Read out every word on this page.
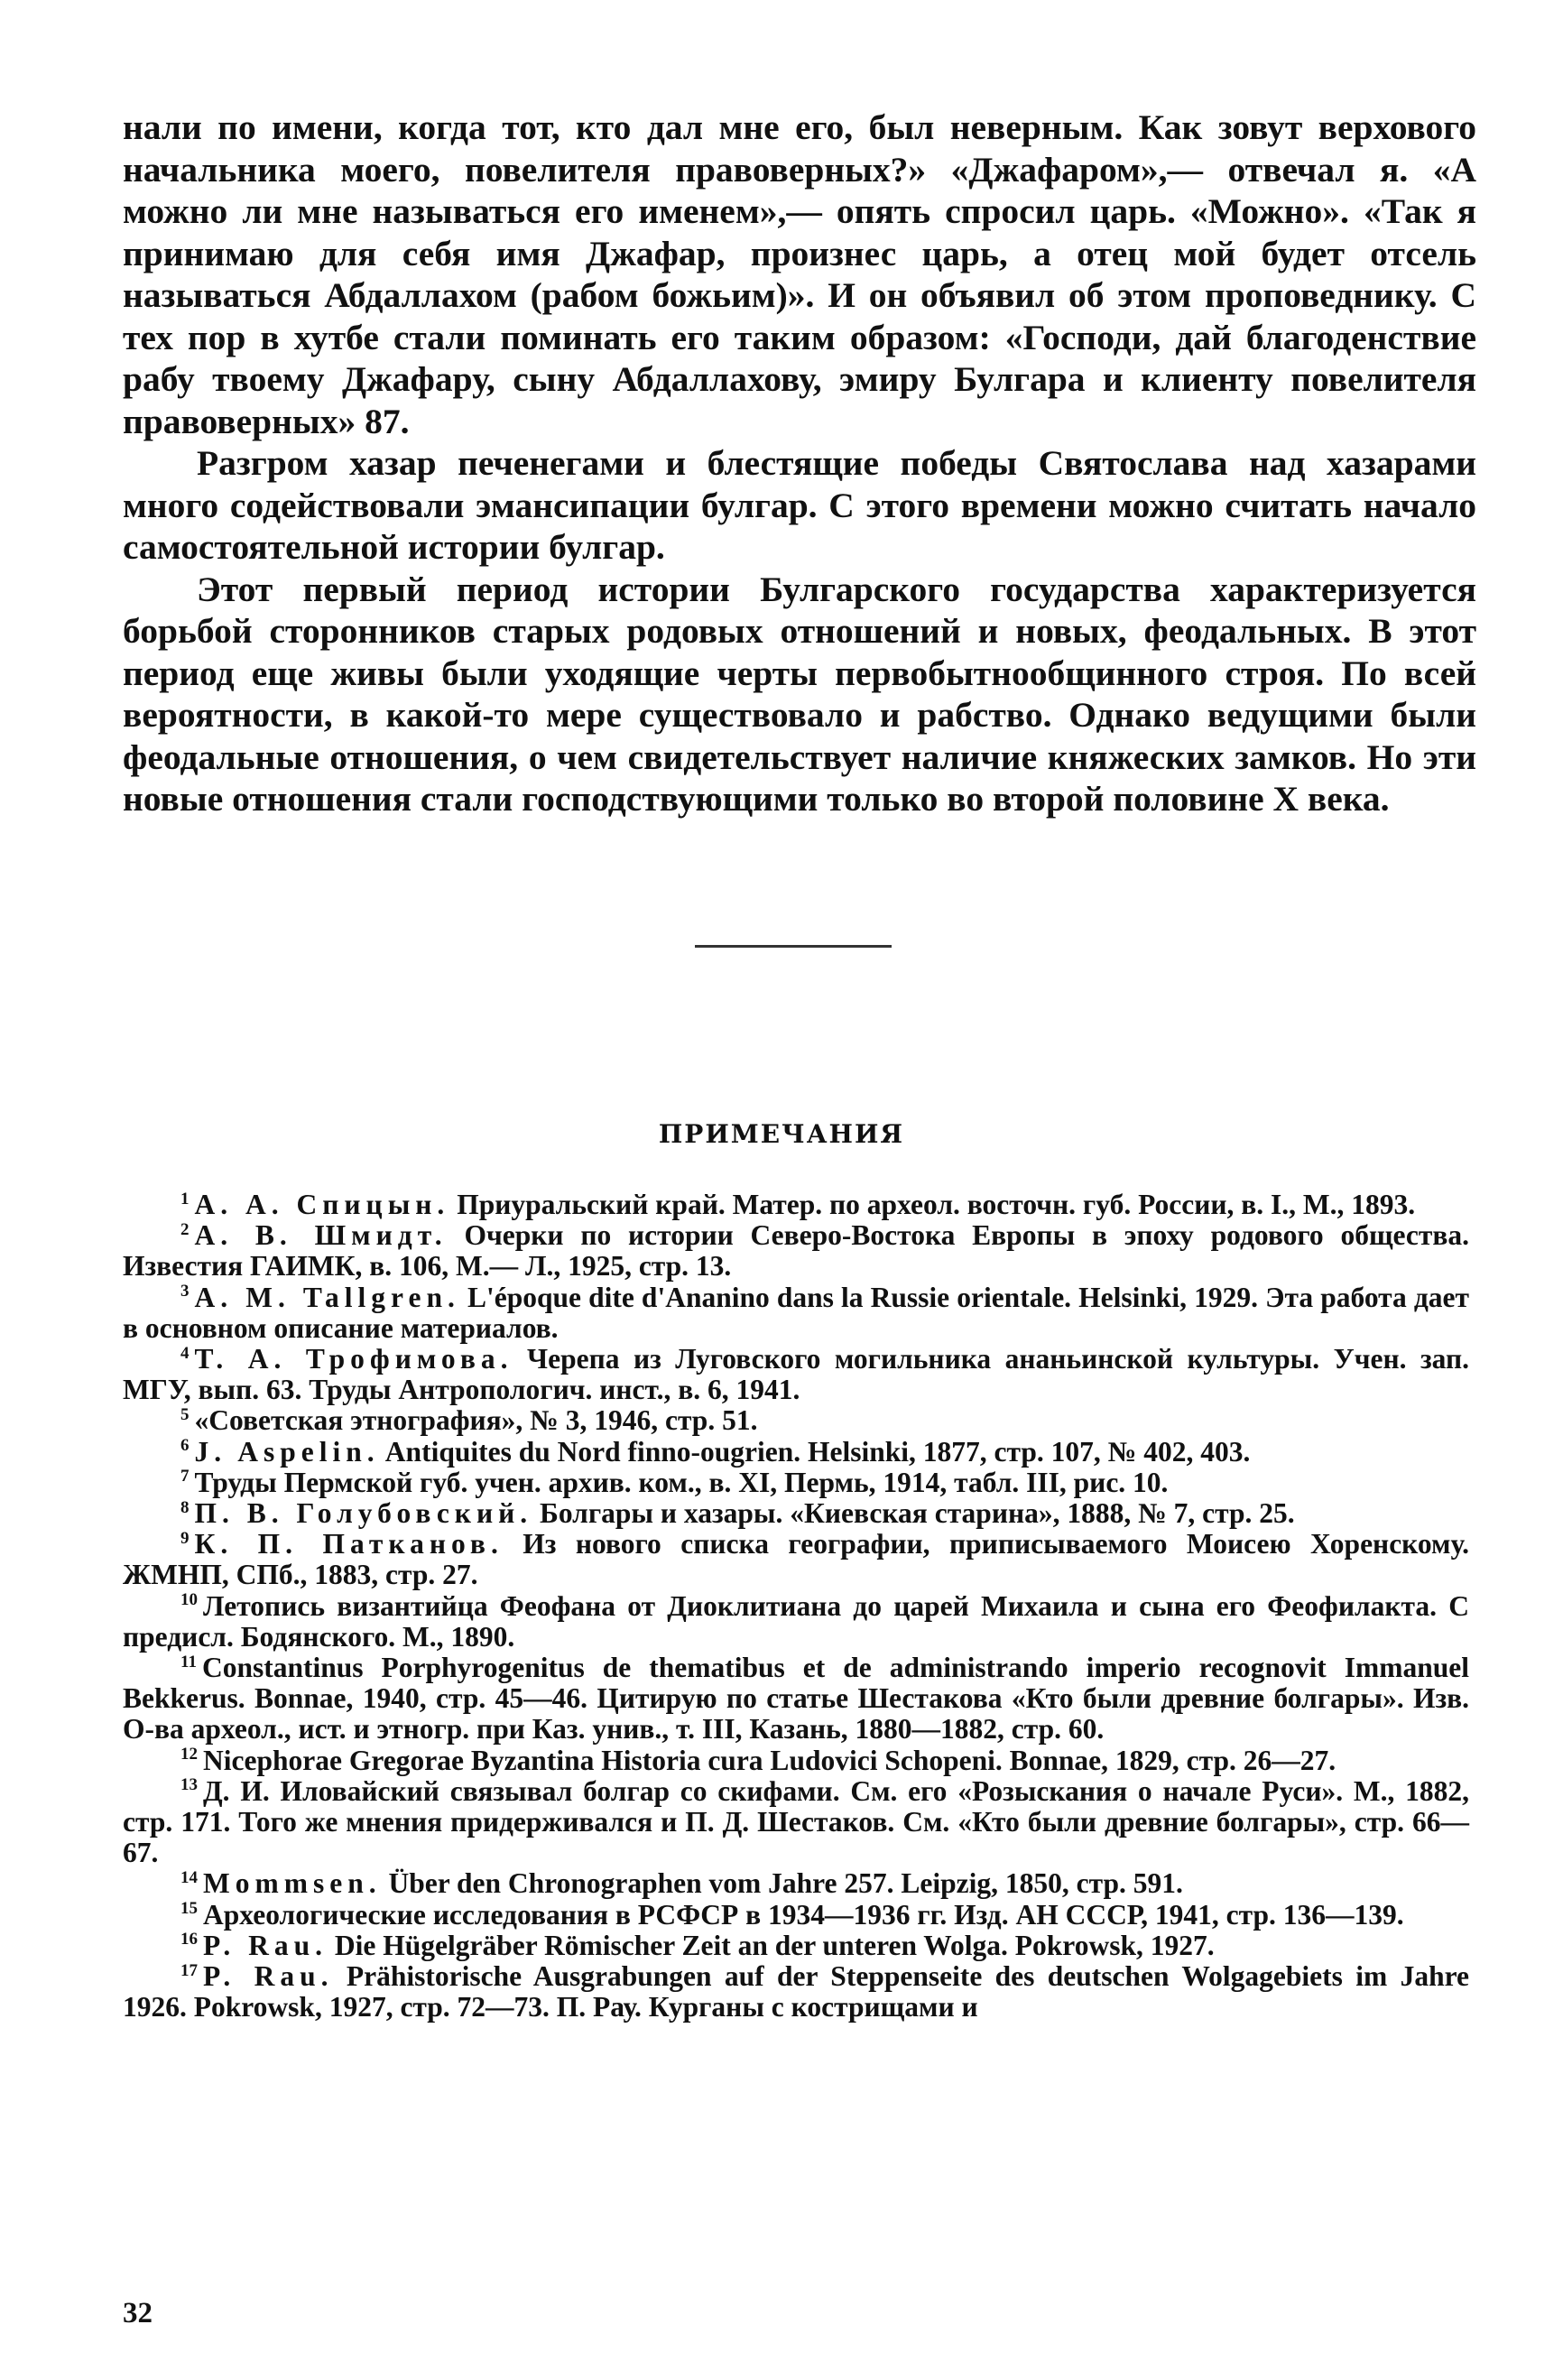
нали по имени, когда тот, кто дал мне его, был неверным. Как зовут верхового начальника моего, повелителя правоверных?» «Джафаром»,— отвечал я. «А можно ли мне называться его именем»,— опять спросил царь. «Можно». «Так я принимаю для себя имя Джафар, произнес царь, а отец мой будет отсель называться Абдаллахом (рабом божьим)». И он объявил об этом проповеднику. С тех пор в хутбе стали поминать его таким образом: «Господи, дай благоденствие рабу твоему Джафару, сыну Абдаллахову, эмиру Булгара и клиенту повелителя правоверных» 87.

Разгром хазар печенегами и блестящие победы Святослава над хазарами много содействовали эмансипации булгар. С этого времени можно считать начало самостоятельной истории булгар.

Этот первый период истории Булгарского государства характеризуется борьбой сторонников старых родовых отношений и новых, феодальных. В этот период еще живы были уходящие черты первобытнообщинного строя. По всей вероятности, в какой-то мере существовало и рабство. Однако ведущими были феодальные отношения, о чем свидетельствует наличие княжеских замков. Но эти новые отношения стали господствующими только во второй половине X века.

ПРИМЕЧАНИЯ

$^1$ А. А. Спицын. Приуральский край. Матер. по археол. восточн. губ. России, в. I., М., 1893.

$^2$ А. В. Шмидт. Очерки по истории Северо-Востока Европы в эпоху родового общества. Известия ГАИМК, в. 106, М.— Л., 1925, стр. 13.

$^3$ А. М. Tallgren. L'époque dite d'Ananino dans la Russie orientale. Helsinki, 1929. Эта работа дает в основном описание материалов.

$^4$ Т. А. Трофимова. Черепа из Луговского могильника ананьинской культуры. Учен. зап. МГУ, вып. 63. Труды Антропологич. инст., в. 6, 1941.

$^5$ «Советская этнография», № 3, 1946, стр. 51.

$^6$ J. Aspelin. Antiquites du Nord finno-ougrien. Helsinki, 1877, стр. 107, № 402, 403.

$^7$ Труды Пермской губ. учен. архив. ком., в. XI, Пермь, 1914, табл. III, рис. 10.

$^8$ П. В. Голубовский. Болгары и хазары. «Киевская старина», 1888, № 7, стр. 25.

$^9$ К. П. Патканов. Из нового списка географии, приписываемого Моисею Хоренскому. ЖМНП, СПб., 1883, стр. 27.

$^{10}$ Летопись византийца Феофана от Диоклитиана до царей Михаила и сына его Феофилакта. С предисл. Бодянского. М., 1890.

$^{11}$ Constantinus Porphyrogenitus de thematibus et de administrando imperio recognovit Immanuel Bekkerus. Bonnae, 1940, стр. 45—46. Цитирую по статье Шестакова «Кто были древние болгары». Изв. О-ва археол., ист. и этногр. при Каз. унив., т. III, Казань, 1880—1882, стр. 60.

$^{12}$ Nicephorae Gregorae Byzantina Historia cura Ludovici Schopeni. Bonnae, 1829, стр. 26—27.

$^{13}$ Д. И. Иловайский связывал болгар со скифами. См. его «Розыскания о начале Руси». М., 1882, стр. 171. Того же мнения придерживался и П. Д. Шестаков. См. «Кто были древние болгары», стр. 66—67.

$^{14}$ Mommsen. Über den Chronographen vom Jahre 257. Leipzig, 1850, стр. 591.

$^{15}$ Археологические исследования в РСФСР в 1934—1936 гг. Изд. АН СССР, 1941, стр. 136—139.

$^{16}$ P. Rau. Die Hügelgräber Römischer Zeit an der unteren Wolga. Pokrowsk, 1927.

$^{17}$ P. Rau. Prähistorische Ausgrabungen auf der Steppenseite des deutschen Wolgagebiets im Jahre 1926. Pokrowsk, 1927, стр. 72—73. П. Рау. Курганы с кострищами и

32
